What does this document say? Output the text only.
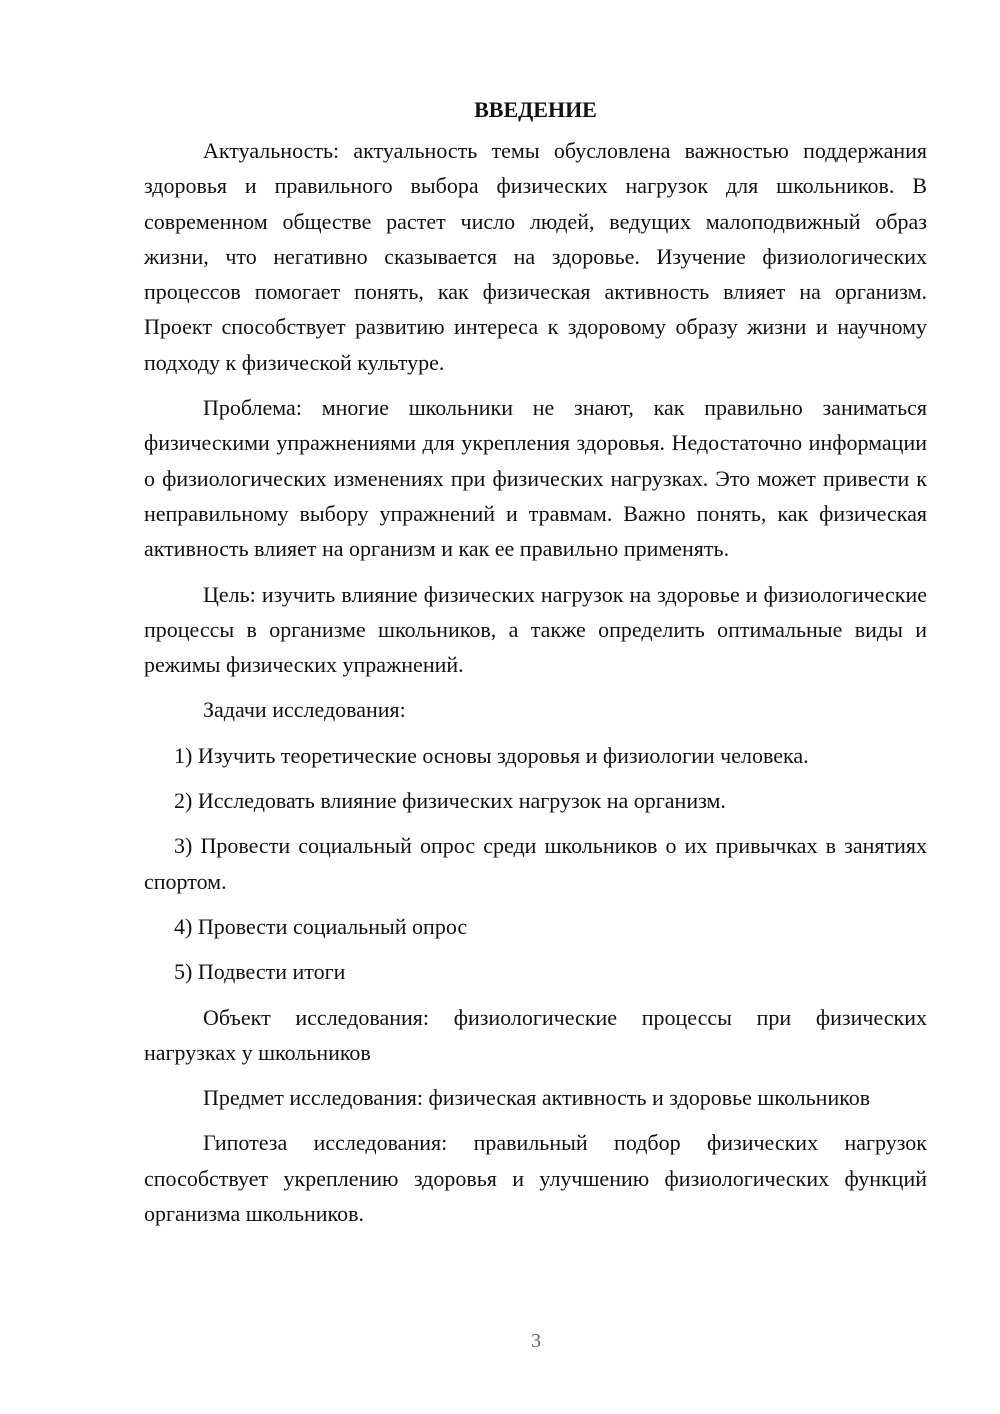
ВВЕДЕНИЕ

Актуальность: актуальность темы обусловлена важностью поддержания здоровья и правильного выбора физических нагрузок для школьников. В современном обществе растет число людей, ведущих малоподвижный образ жизни, что негативно сказывается на здоровье. Изучение физиологических процессов помогает понять, как физическая активность влияет на организм. Проект способствует развитию интереса к здоровому образу жизни и научному подходу к физической культуре.

Проблема: многие школьники не знают, как правильно заниматься физическими упражнениями для укрепления здоровья. Недостаточно информации о физиологических изменениях при физических нагрузках. Это может привести к неправильному выбору упражнений и травмам. Важно понять, как физическая активность влияет на организм и как ее правильно применять.

Цель: изучить влияние физических нагрузок на здоровье и физиологические процессы в организме школьников, а также определить оптимальные виды и режимы физических упражнений.

Задачи исследования:

1) Изучить теоретические основы здоровья и физиологии человека.

2) Исследовать влияние физических нагрузок на организм.

3) Провести социальный опрос среди школьников о их привычках в занятиях спортом.

4) Провести социальный опрос

5) Подвести итоги

Объект исследования: физиологические процессы при физических нагрузках у школьников

Предмет исследования: физическая активность и здоровье школьников

Гипотеза исследования: правильный подбор физических нагрузок способствует укреплению здоровья и улучшению физиологических функций организма школьников.

3
